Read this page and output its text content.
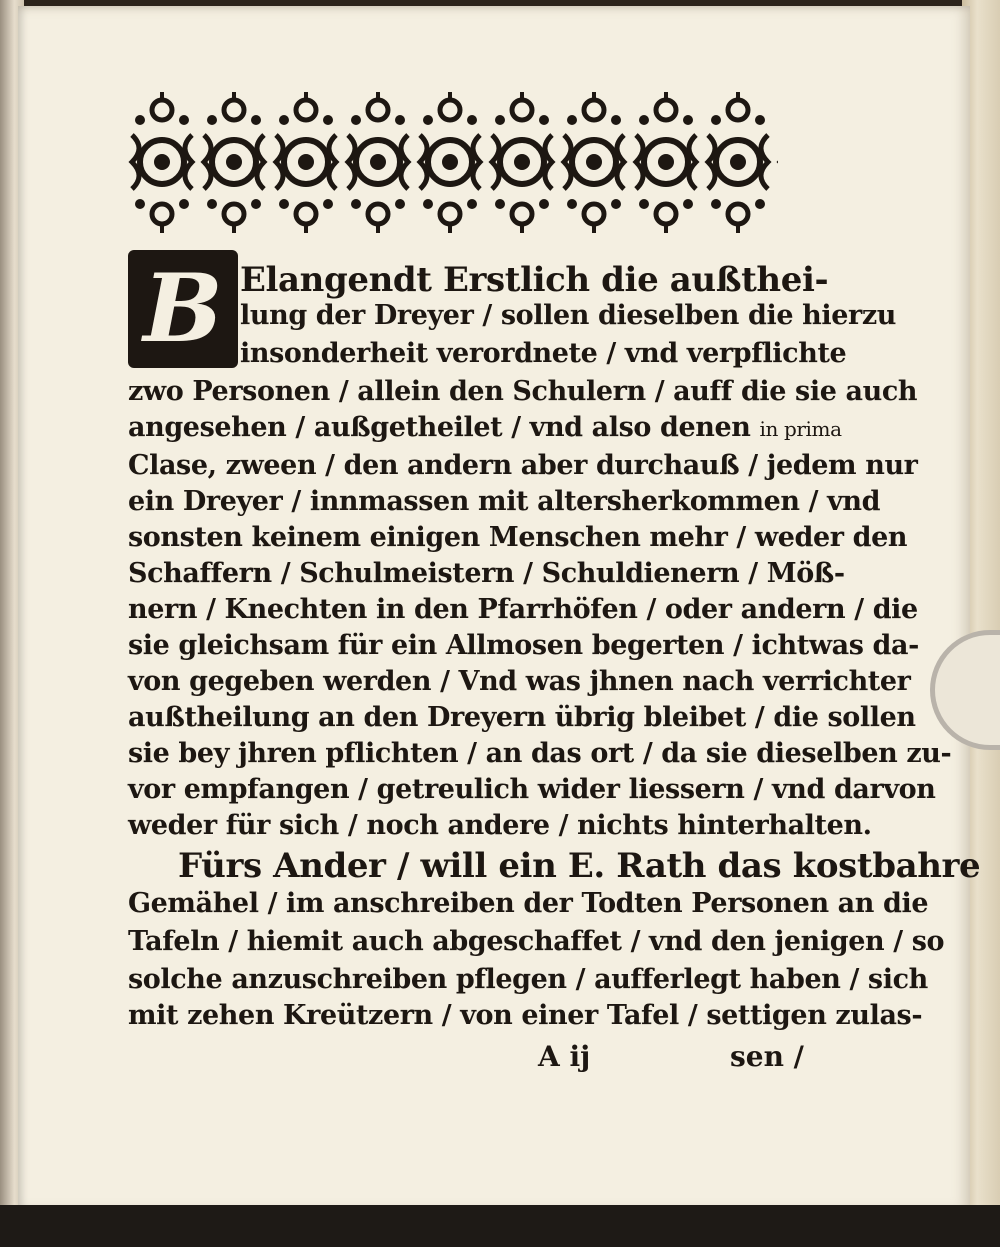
B Elangendt Erstlich die außthei-
lung der Dreyer / sollen dieselben die hierzu
insonderheit verordnete / vnd verpflichte
zwo Personen / allein den Schulern / auff die sie auch
angesehen / außgetheilet / vnd also denen in prima
Clase, zween / den andern aber durchauß / jedem nur
ein Dreyer / innmassen mit altersherkommen / vnd
sonsten keinem einigen Menschen mehr / weder den
Schaffern / Schulmeistern / Schuldienern / Möß-
nern / Knechten in den Pfarrhöfen / oder andern / die
sie gleichsam für ein Allmosen begerten / ichtwas da-
von gegeben werden / Vnd was jhnen nach verrichter
außtheilung an den Dreyern übrig bleibet / die sollen
sie bey jhren pflichten / an das ort / da sie dieselben zu-
vor empfangen / getreulich wider liessern / vnd darvon
weder für sich / noch andere / nichts hinterhalten.
Fürs Ander / will ein E. Rath das kostbahre
Gemähel / im anschreiben der Todten Personen an die
Tafeln / hiemit auch abgeschaffet / vnd den jenigen / so
solche anzuschreiben pflegen / aufferlegt haben / sich
mit zehen Kreützern / von einer Tafel / settigen zulas-
A ij	sen /
